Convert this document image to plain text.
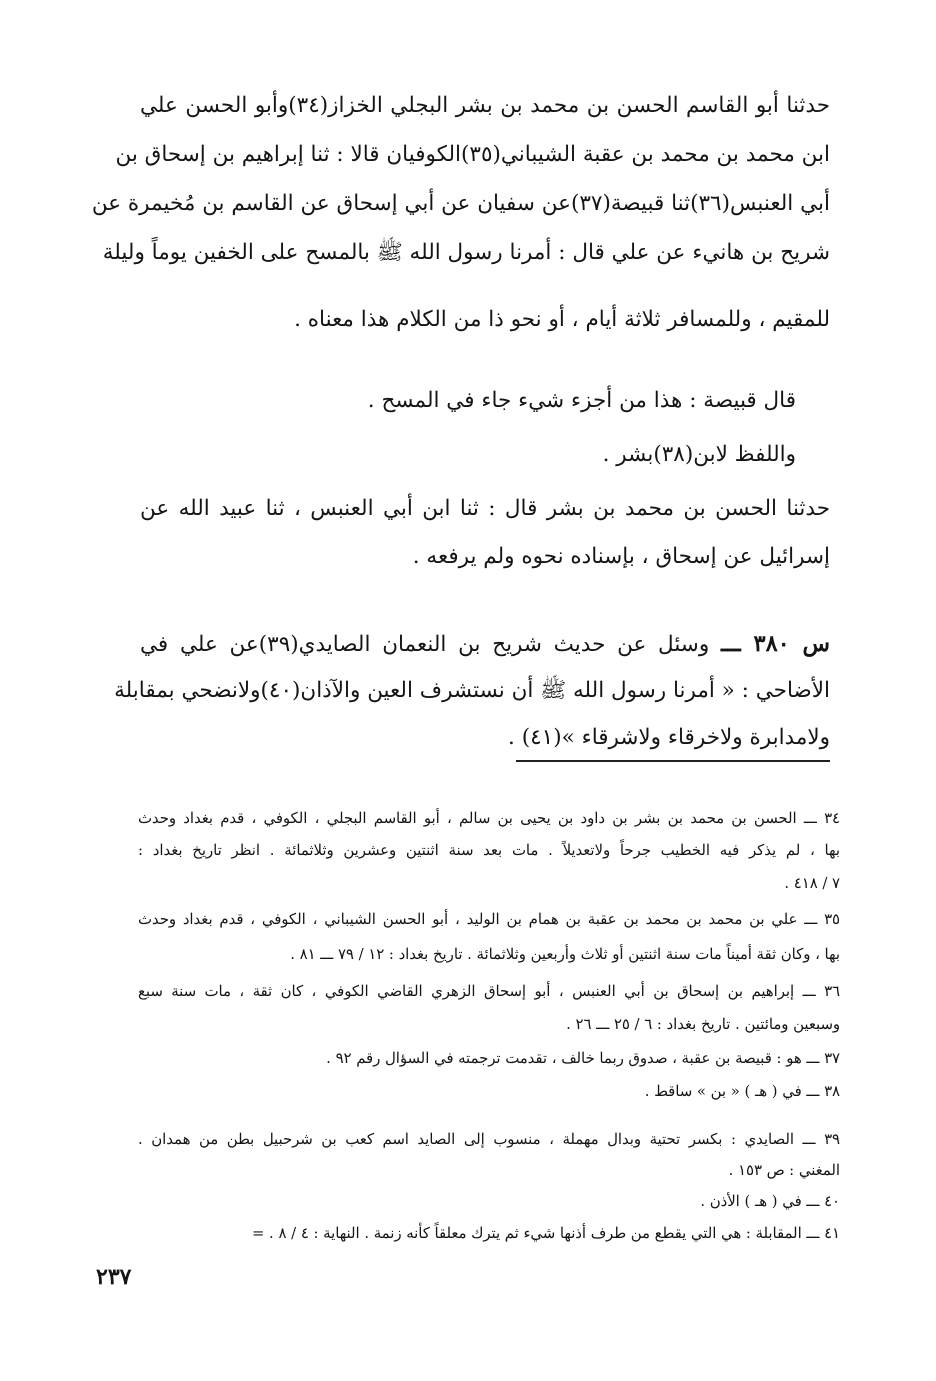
حدثنا أبو القاسم الحسن بن محمد بن بشر البجلي الخزاز(٣٤)وأبو الحسن علي
ابن محمد بن محمد بن عقبة الشيباني(٣٥)الكوفيان قالا : ثنا إبراهيم بن إسحاق بن
أبي العنبس(٣٦)ثنا قبيصة(٣٧)عن سفيان عن أبي إسحاق عن القاسم بن مُخيمرة عن
شريح بن هانيء عن علي قال : أمرنا رسول الله ﷺ بالمسح على الخفين يوماً وليلة
للمقيم ، وللمسافر ثلاثة أيام ، أو نحو ذا من الكلام هذا معناه .
قال قبيصة : هذا من أجزء شيء جاء في المسح .
واللفظ لابن(٣٨)بشر .
حدثنا الحسن بن محمد بن بشر قال : ثنا ابن أبي العنبس ، ثنا عبيد الله عن
إسرائيل عن إسحاق ، بإسناده نحوه ولم يرفعه .
س ٣٨٠ ـــ وسئل عن حديث شريح بن النعمان الصايدي(٣٩)عن علي في
الأضاحي : « أمرنا رسول الله ﷺ أن نستشرف العين والآذان(٤٠)ولانضحي بمقابلة
ولامدابرة ولاخرقاء ولاشرقاء »(٤١) .
٣٤ ـــ الحسن بن محمد بن بشر بن داود بن يحيى بن سالم ، أبو القاسم البجلي ، الكوفي ، قدم بغداد وحدث
بها ، لم يذكر فيه الخطيب جرحاً ولاتعديلاً . مات بعد سنة اثنتين وعشرين وثلاثمائة . انظر تاريخ بغداد :
٧ / ٤١٨ .
٣٥ ـــ علي بن محمد بن محمد بن عقبة بن همام بن الوليد ، أبو الحسن الشيباني ، الكوفي ، قدم بغداد وحدث
بها ، وكان ثقة أميناً مات سنة اثنتين أو ثلاث وأربعين وثلاثمائة . تاريخ بغداد : ١٢ / ٧٩ ـــ ٨١ .
٣٦ ـــ إبراهيم بن إسحاق بن أبي العنبس ، أبو إسحاق الزهري القاضي الكوفي ، كان ثقة ، مات سنة سبع
وسبعين ومائتين . تاريخ بغداد : ٦ / ٢٥ ـــ ٢٦ .
٣٧ ـــ هو : قبيصة بن عقبة ، صدوق ربما خالف ، تقدمت ترجمته في السؤال رقم ٩٢ .
٣٨ ـــ في ( هـ ) « بن » ساقط .
٣٩ ـــ الصايدي : بكسر تحتية وبدال مهملة ، منسوب إلى الصايد اسم كعب بن شرحبيل بطن من همدان .
المغني : ص ١٥٣ .
٤٠ ـــ في ( هـ ) الأذن .
٤١ ـــ المقابلة : هي التي يقطع من طرف أذنها شيء ثم يترك معلقاً كأنه زنمة . النهاية : ٤ / ٨ . =
٢٣٧
